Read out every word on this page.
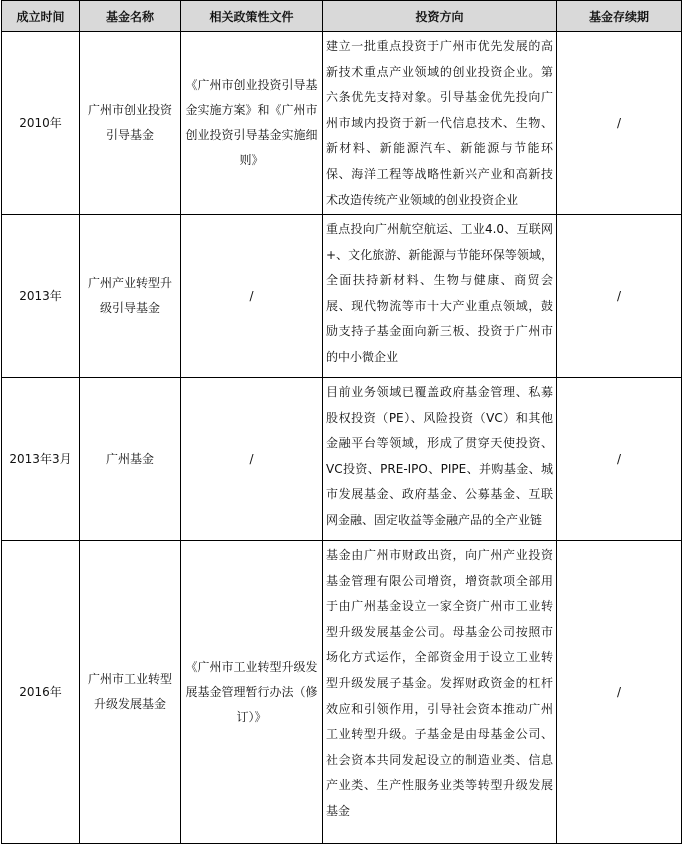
成立时间	基金名称	相关政策性文件	投资方向	基金存续期
2010年	广州市创业投资引导基金	《广州市创业投资引导基金实施方案》和《广州市创业投资引导基金实施细则》	建立一批重点投资于广州市优先发展的高新技术重点产业领域的创业投资企业。第六条优先支持对象。引导基金优先投向广州市域内投资于新一代信息技术、生物、新材料、新能源汽车、新能源与节能环保、海洋工程等战略性新兴产业和高新技术改造传统产业领域的创业投资企业	/
2013年	广州产业转型升级引导基金	/	重点投向广州航空航运、工业4.0、互联网+、文化旅游、新能源与节能环保等领域，全面扶持新材料、生物与健康、商贸会展、现代物流等市十大产业重点领域，鼓励支持子基金面向新三板、投资于广州市的中小微企业	/
2013年3月	广州基金	/	目前业务领域已覆盖政府基金管理、私募股权投资（PE）、风险投资（VC）和其他金融平台等领域，形成了贯穿天使投资、VC投资、PRE-IPO、PIPE、并购基金、城市发展基金、政府基金、公募基金、互联网金融、固定收益等金融产品的全产业链	/
2016年	广州市工业转型升级发展基金	《广州市工业转型升级发展基金管理暂行办法（修订）》	基金由广州市财政出资，向广州产业投资基金管理有限公司增资，增资款项全部用于由广州基金设立一家全资广州市工业转型升级发展基金公司。母基金公司按照市场化方式运作，全部资金用于设立工业转型升级发展子基金。发挥财政资金的杠杆效应和引领作用，引导社会资本推动广州工业转型升级。子基金是由母基金公司、社会资本共同发起设立的制造业类、信息产业类、生产性服务业类等转型升级发展基金	/
